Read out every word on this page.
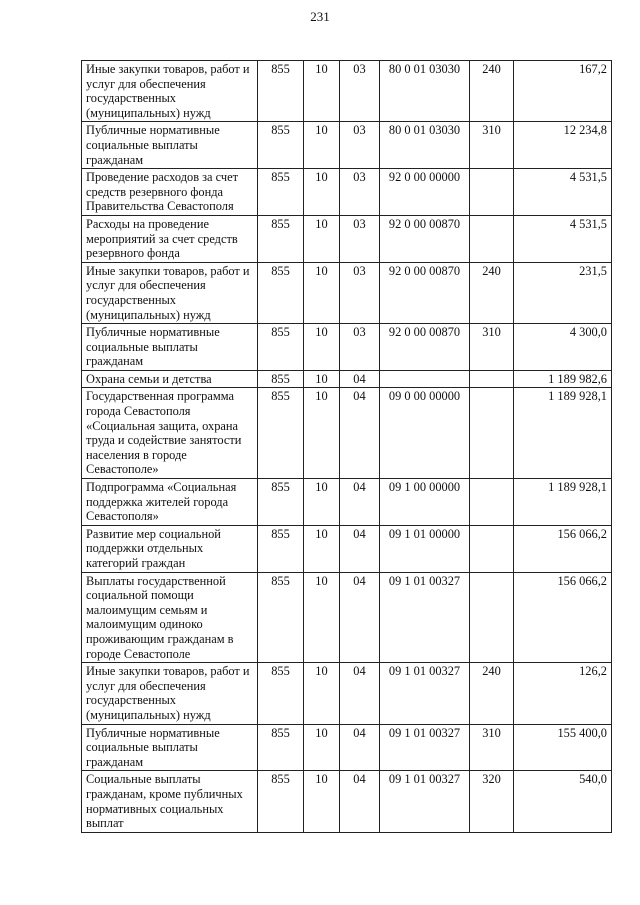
231
Иные закупки товаров, работ и услуг для обеспечения государственных (муниципальных) нужд	855	10	03	80 0 01 03030	240	167,2
Публичные нормативные социальные выплаты гражданам	855	10	03	80 0 01 03030	310	12 234,8
Проведение расходов за счет средств резервного фонда Правительства Севастополя	855	10	03	92 0 00 00000		4 531,5
Расходы на проведение мероприятий за счет средств резервного фонда	855	10	03	92 0 00 00870		4 531,5
Иные закупки товаров, работ и услуг для обеспечения государственных (муниципальных) нужд	855	10	03	92 0 00 00870	240	231,5
Публичные нормативные социальные выплаты гражданам	855	10	03	92 0 00 00870	310	4 300,0
Охрана семьи и детства	855	10	04			1 189 982,6
Государственная программа города Севастополя «Социальная защита, охрана труда и содействие занятости населения в городе Севастополе»	855	10	04	09 0 00 00000		1 189 928,1
Подпрограмма «Социальная поддержка жителей города Севастополя»	855	10	04	09 1 00 00000		1 189 928,1
Развитие мер социальной поддержки отдельных категорий граждан	855	10	04	09 1 01 00000		156 066,2
Выплаты государственной социальной помощи малоимущим семьям и малоимущим одиноко проживающим гражданам в городе Севастополе	855	10	04	09 1 01 00327		156 066,2
Иные закупки товаров, работ и услуг для обеспечения государственных (муниципальных) нужд	855	10	04	09 1 01 00327	240	126,2
Публичные нормативные социальные выплаты гражданам	855	10	04	09 1 01 00327	310	155 400,0
Социальные выплаты гражданам, кроме публичных нормативных социальных выплат	855	10	04	09 1 01 00327	320	540,0
